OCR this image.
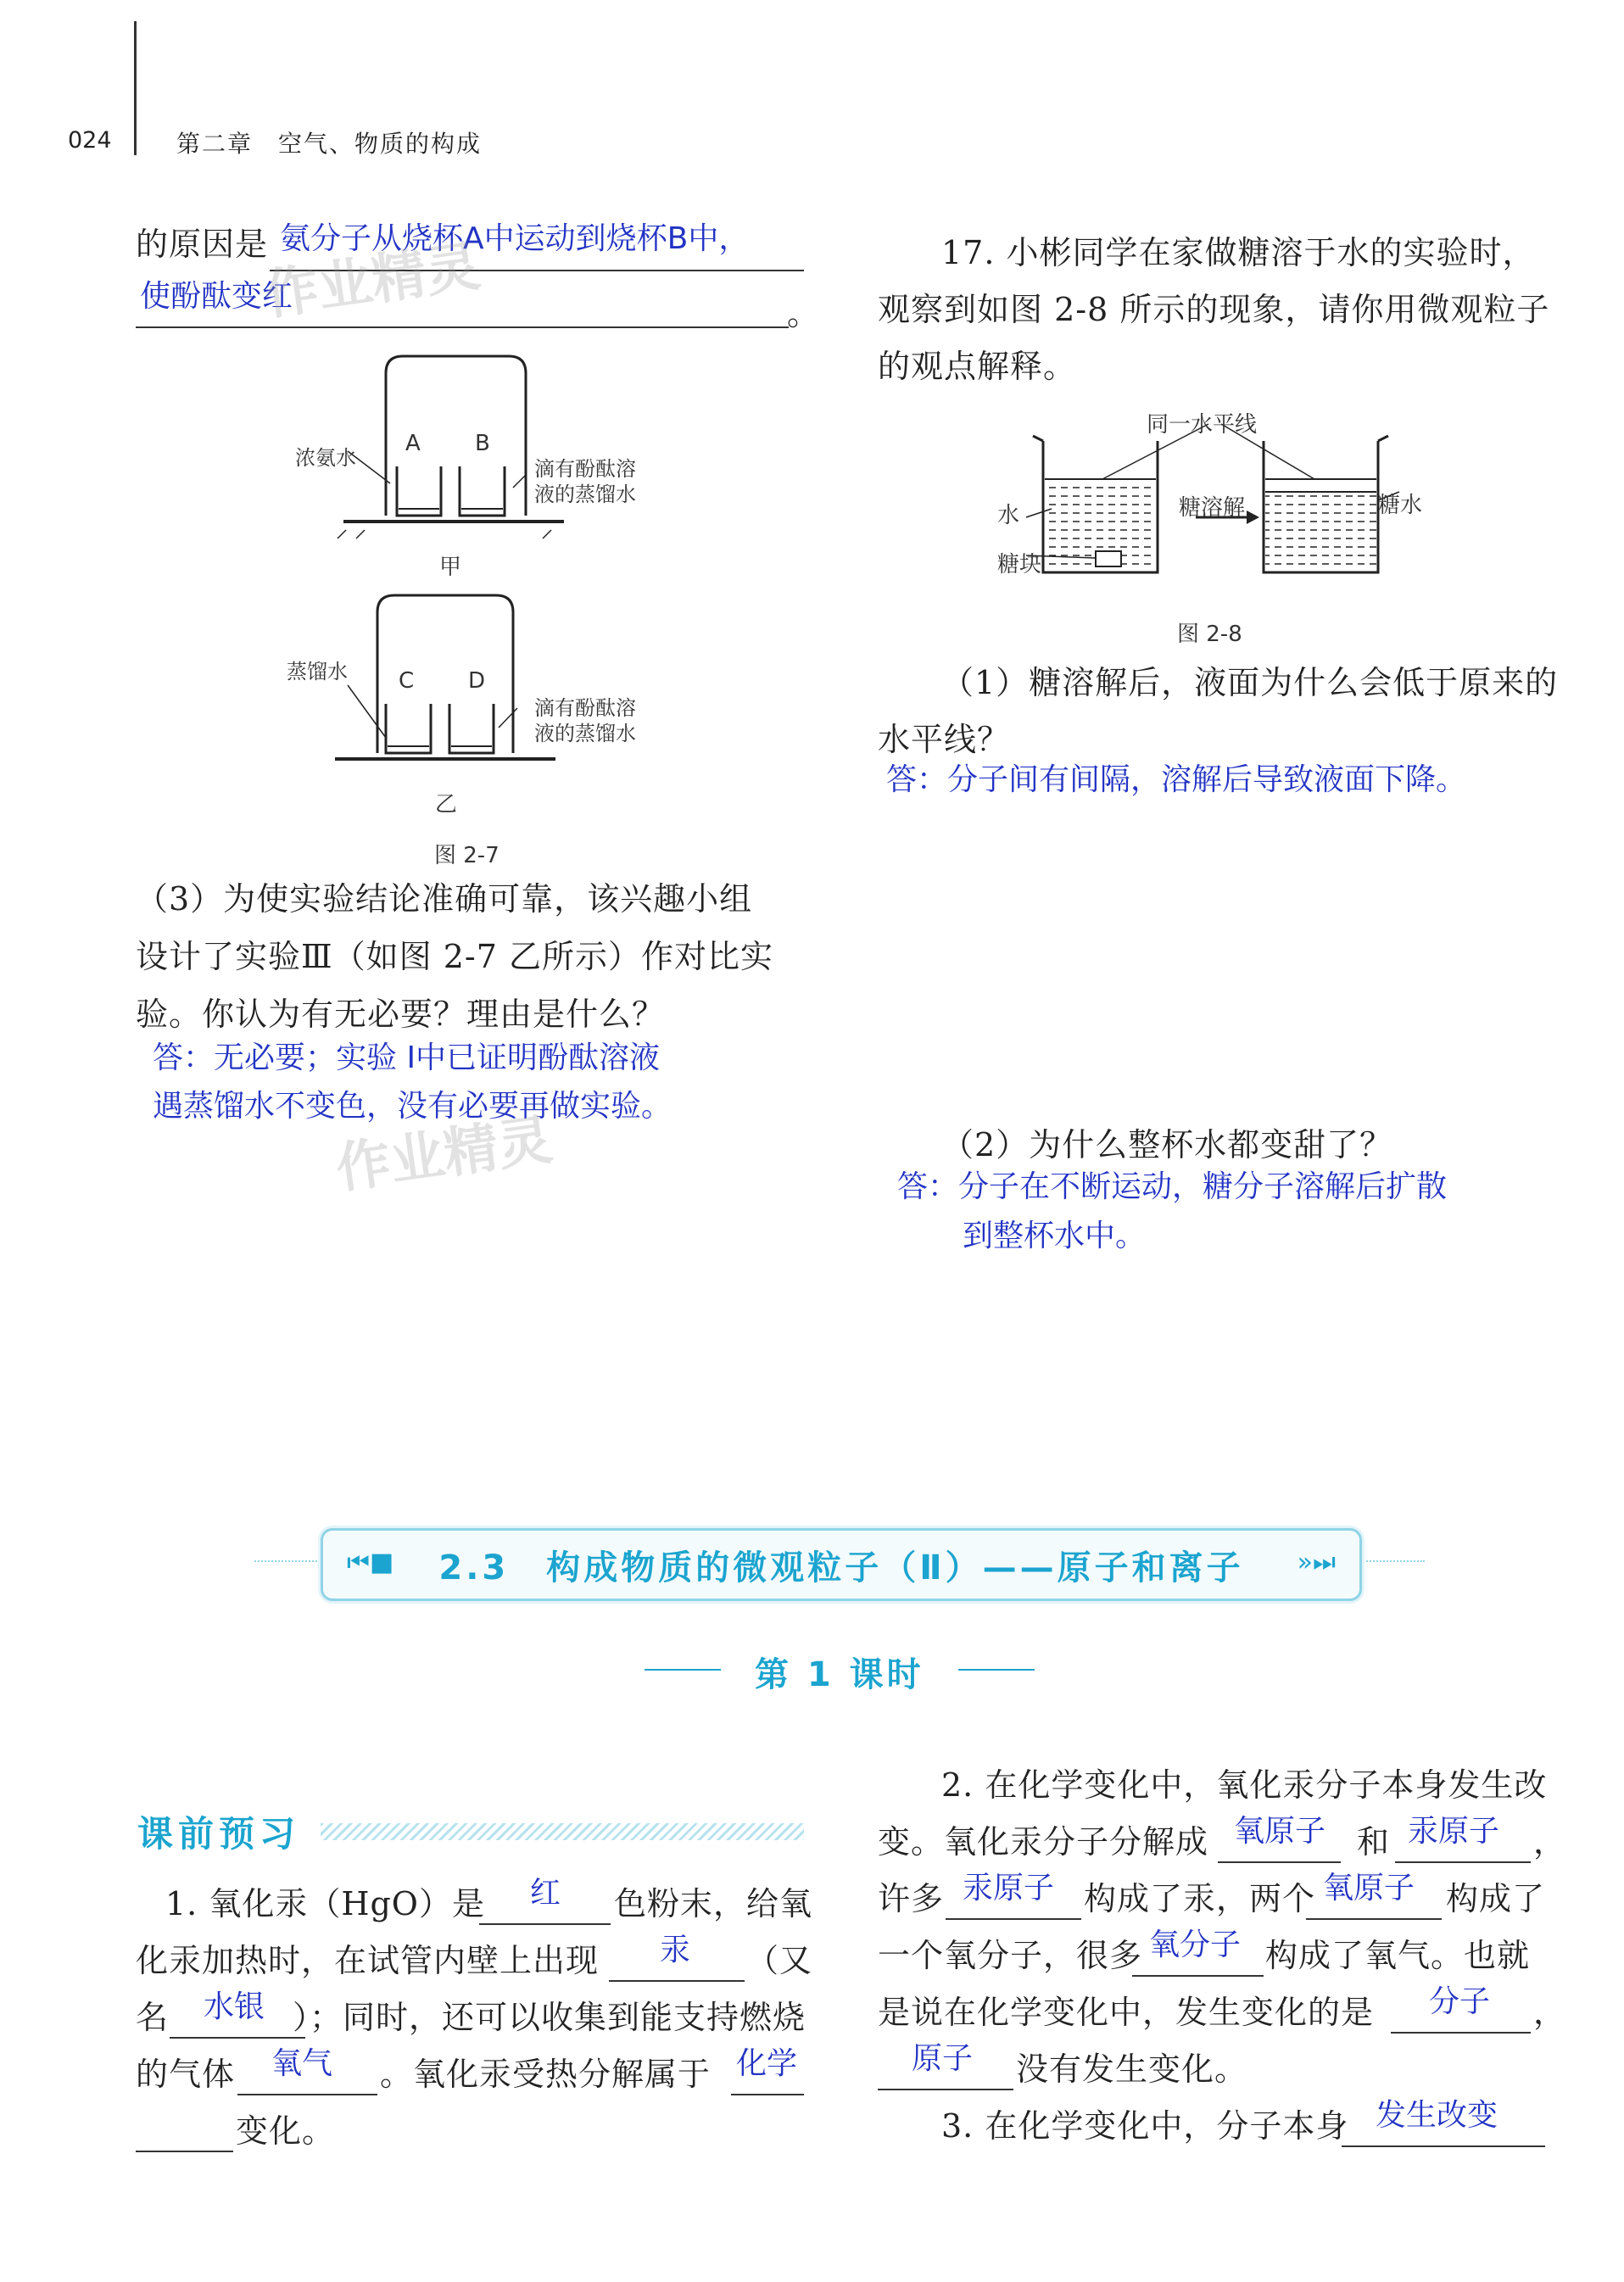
024	第二章　空气、物质的构成
的原因是 氨分子从烧杯A中运动到烧杯B中，
使酚酞变红	。
作业精灵
浓氨水
A B
滴有酚酞溶
液的蒸馏水
甲
蒸馏水 C D
滴有酚酞溶
液的蒸馏水
乙
图 2-7
（3）为使实验结论准确可靠，该兴趣小组
设计了实验Ⅲ（如图 2-7 乙所示）作对比实
验。你认为有无必要？理由是什么？
答：无必要；实验 I中已证明酚酞溶液
遇蒸馏水不变色，没有必要再做实验。
作业精灵
17. 小彬同学在家做糖溶于水的实验时，
观察到如图 2-8 所示的现象，请你用微观粒子
的观点解释。
同一水平线
水
糖块
糖溶解	糖水
图 2-8
（1）糖溶解后，液面为什么会低于原来的
水平线？
答：分子间有间隔，溶解后导致液面下降。
（2）为什么整杯水都变甜了？
答：分子在不断运动，糖分子溶解后扩散
到整杯水中。
⏮■	2.3　构成物质的微观粒子（Ⅱ）——原子和离子	»⏭
第 1 课时
课前预习
1. 氧化汞（HgO）是 红 色粉末，给氧
化汞加热时，在试管内壁上出现 汞 （又
名 水银 ）；同时，还可以收集到能支持燃烧
的气体 氧气 。氧化汞受热分解属于 化学
变化。
2. 在化学变化中，氧化汞分子本身发生改
变。氧化汞分子分解成 氧原子 和 汞原子 ，
许多 汞原子 构成了汞，两个 氧原子 构成了
一个氧分子，很多 氧分子 构成了氧气。也就
是说在化学变化中，发生变化的是 分子 ，
原子 没有发生变化。
3. 在化学变化中，分子本身 发生改变
